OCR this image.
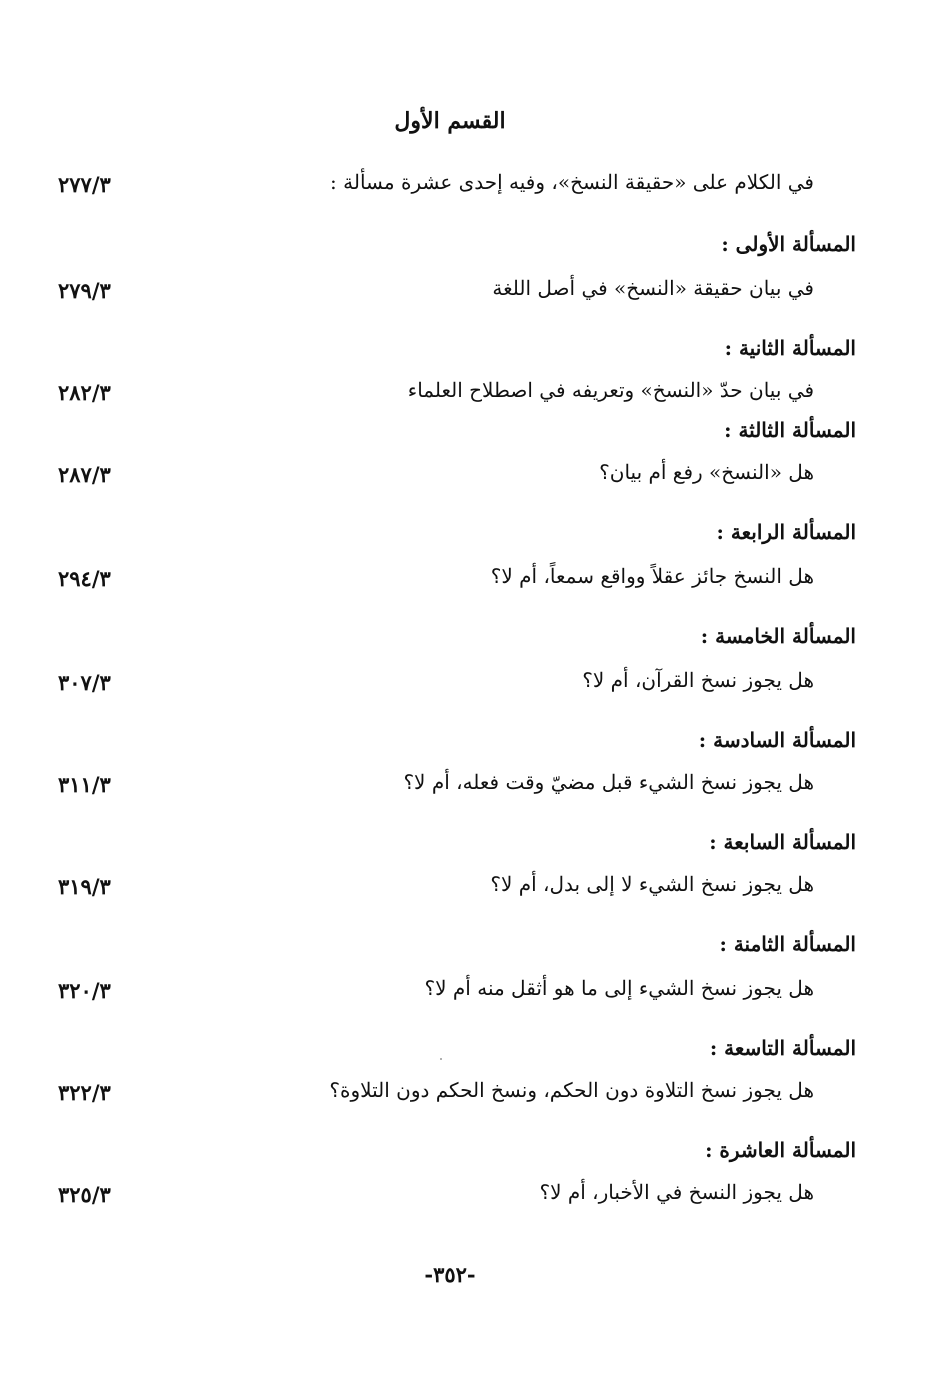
القسم الأول
في الكلام على «حقيقة النسخ»، وفيه إحدى عشرة مسألة :
٢٧٧/٣
المسألة الأولى :
في بيان حقيقة «النسخ» في أصل اللغة
٢٧٩/٣
المسألة الثانية :
في بيان حدّ «النسخ» وتعريفه في اصطلاح العلماء
٢٨٢/٣
المسألة الثالثة :
هل «النسخ» رفع أم بيان؟
٢٨٧/٣
المسألة الرابعة :
هل النسخ جائز عقلاً وواقع سمعاً، أم لا؟
٢٩٤/٣
المسألة الخامسة :
هل يجوز نسخ القرآن، أم لا؟
٣٠٧/٣
المسألة السادسة :
هل يجوز نسخ الشيء قبل مضيّ وقت فعله، أم لا؟
٣١١/٣
المسألة السابعة :
هل يجوز نسخ الشيء لا إلى بدل، أم لا؟
٣١٩/٣
المسألة الثامنة :
هل يجوز نسخ الشيء إلى ما هو أثقل منه أم لا؟
٣٢٠/٣
المسألة التاسعة :
هل يجوز نسخ التلاوة دون الحكم، ونسخ الحكم دون التلاوة؟
٣٢٢/٣
المسألة العاشرة :
هل يجوز النسخ في الأخبار، أم لا؟
٣٢٥/٣
-٣٥٢-
